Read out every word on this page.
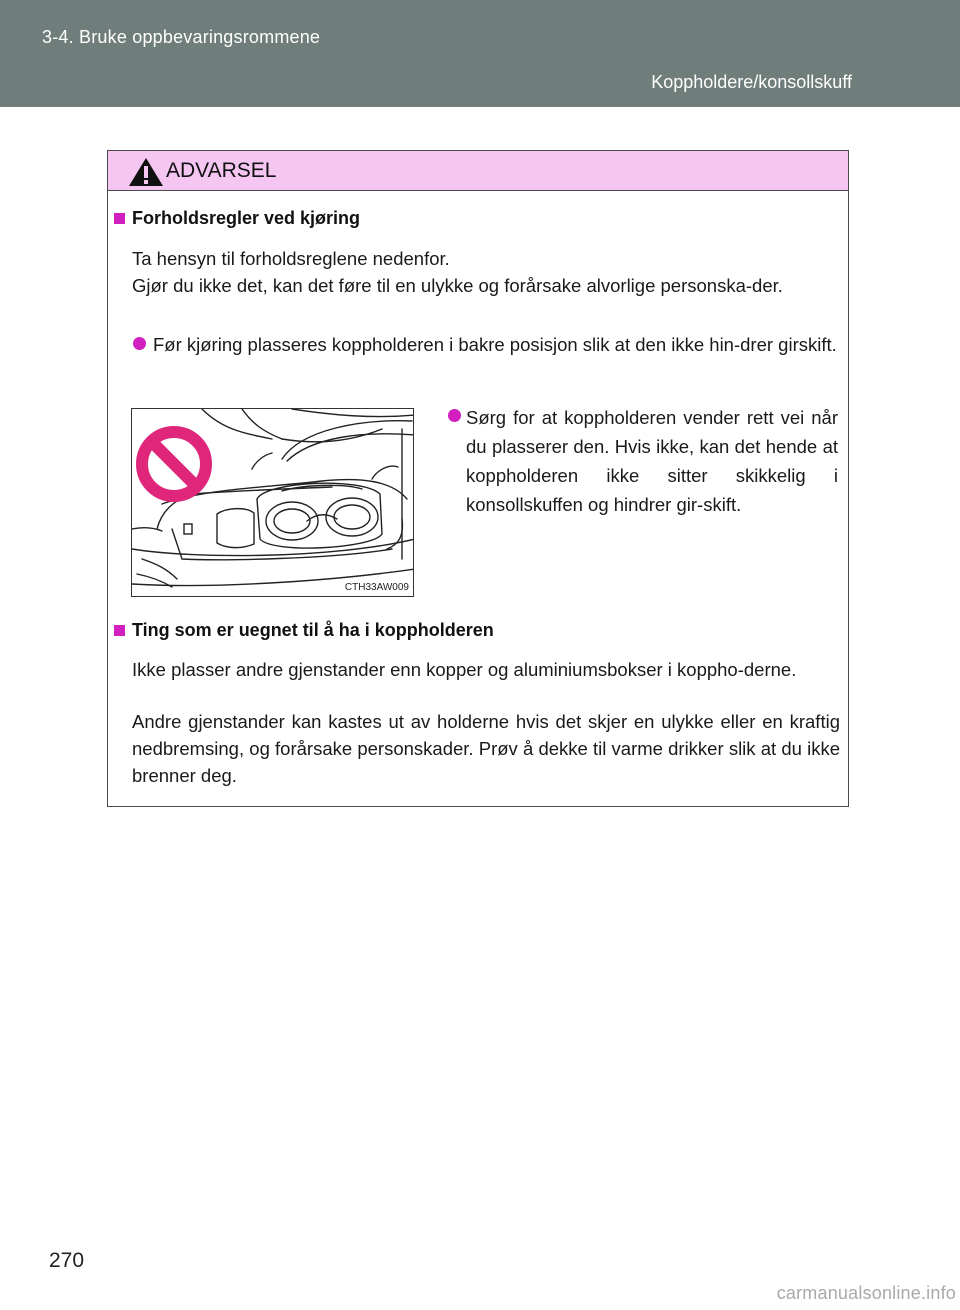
3-4. Bruke oppbevaringsrommene
Koppholdere/konsollskuff
ADVARSEL
Forholdsregler ved kjøring
Ta hensyn til forholdsreglene nedenfor.
Gjør du ikke det, kan det føre til en ulykke og forårsake alvorlige personska-der.
Før kjøring plasseres koppholderen i bakre posisjon slik at den ikke hin-drer girskift.
Sørg for at koppholderen vender rett vei når du plasserer den. Hvis ikke, kan det hende at koppholderen ikke sitter skikkelig i konsollskuffen og hindrer gir-skift.
CTH33AW009
Ting som er uegnet til å ha i koppholderen
Ikke plasser andre gjenstander enn kopper og aluminiumsbokser i koppho-derne.
Andre gjenstander kan kastes ut av holderne hvis det skjer en ulykke eller en kraftig nedbremsing, og forårsake personskader. Prøv å dekke til varme drikker slik at du ikke brenner deg.
270
carmanualsonline.info
